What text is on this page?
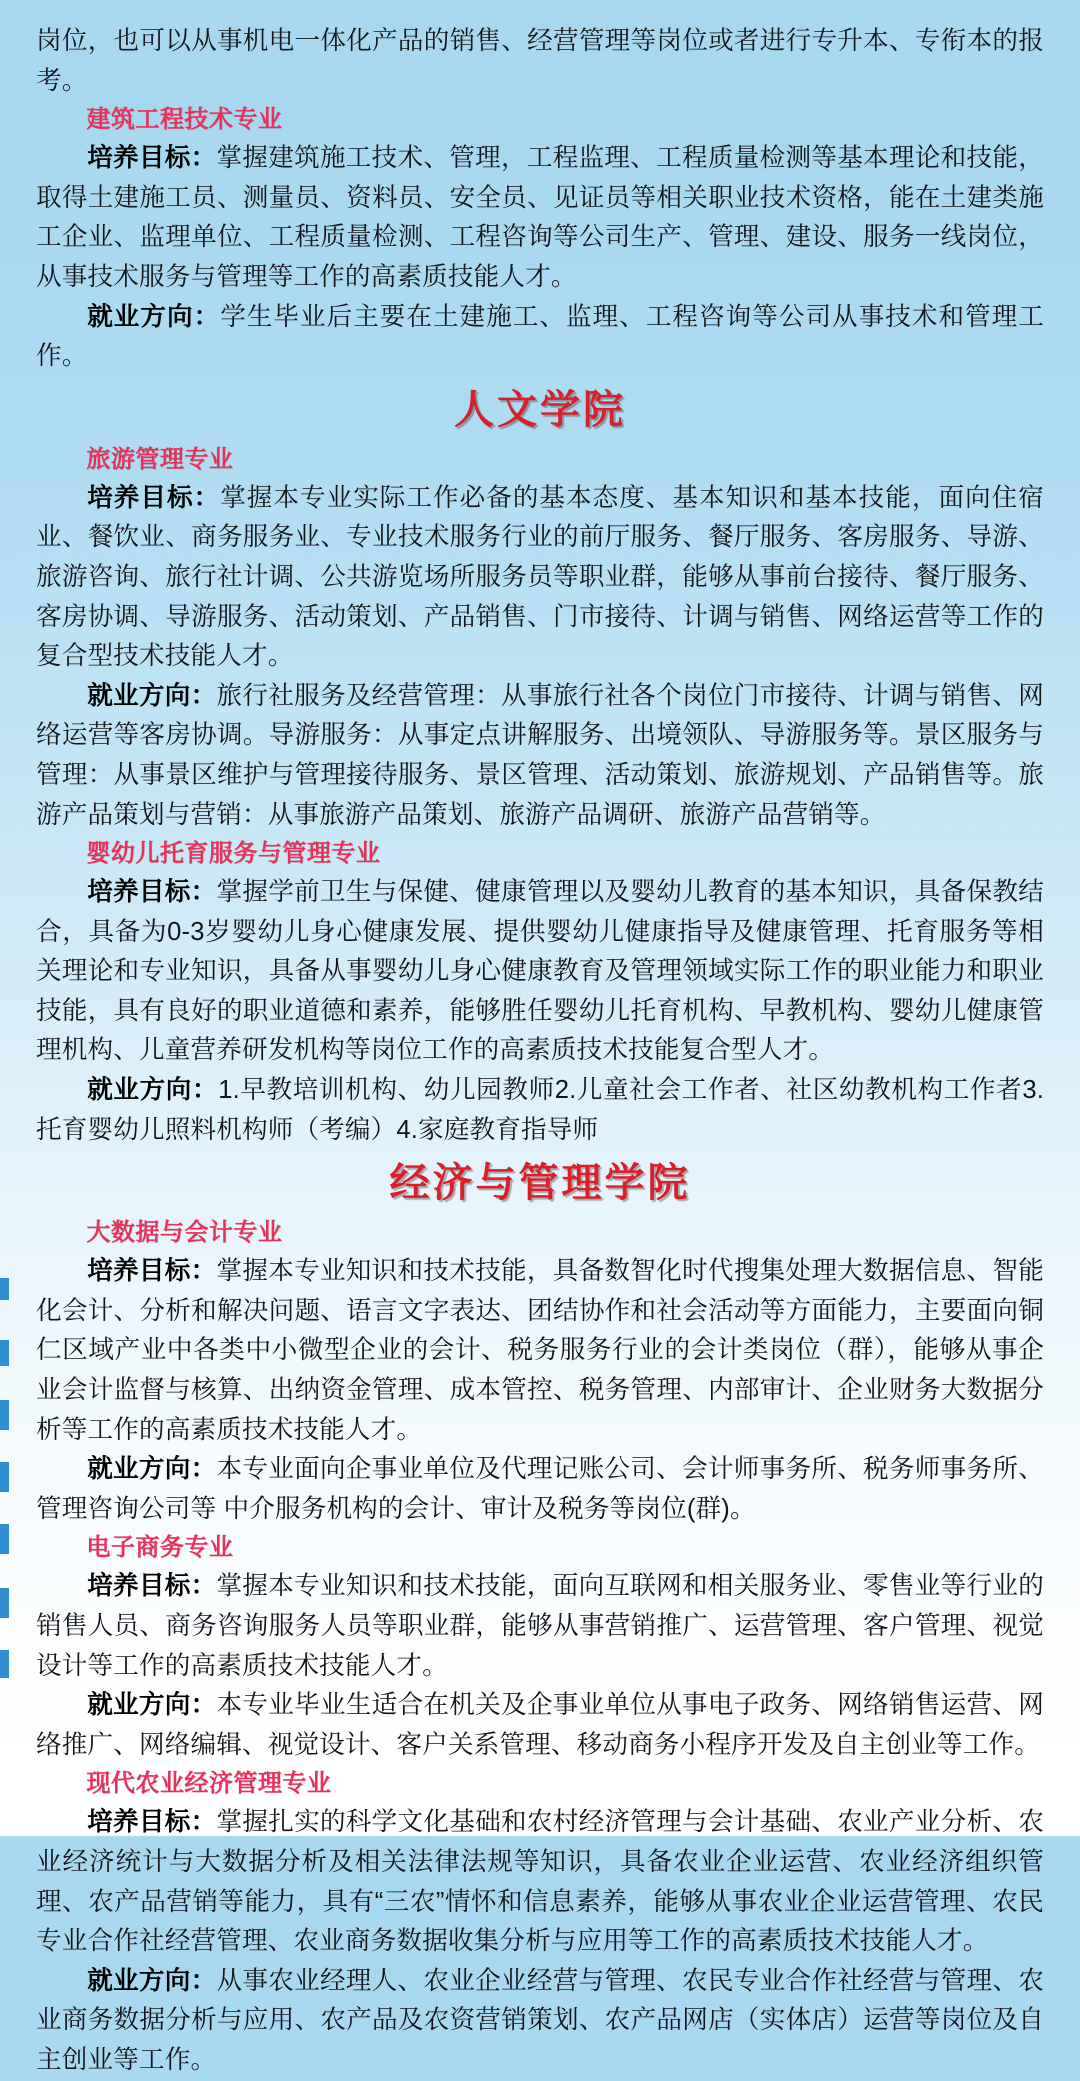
岗位，也可以从事机电一体化产品的销售、经营管理等岗位或者进行专升本、专衔本的报考。

建筑工程技术专业

培养目标：掌握建筑施工技术、管理，工程监理、工程质量检测等基本理论和技能，取得土建施工员、测量员、资料员、安全员、见证员等相关职业技术资格，能在土建类施工企业、监理单位、工程质量检测、工程咨询等公司生产、管理、建设、服务一线岗位，从事技术服务与管理等工作的高素质技能人才。

就业方向：学生毕业后主要在土建施工、监理、工程咨询等公司从事技术和管理工作。

人文学院
旅游管理专业

培养目标：掌握本专业实际工作必备的基本态度、基本知识和基本技能，面向住宿业、餐饮业、商务服务业、专业技术服务行业的前厅服务、餐厅服务、客房服务、导游、旅游咨询、旅行社计调、公共游览场所服务员等职业群，能够从事前台接待、餐厅服务、客房协调、导游服务、活动策划、产品销售、门市接待、计调与销售、网络运营等工作的复合型技术技能人才。

就业方向：旅行社服务及经营管理：从事旅行社各个岗位门市接待、计调与销售、网络运营等客房协调。导游服务：从事定点讲解服务、出境领队、导游服务等。景区服务与管理：从事景区维护与管理接待服务、景区管理、活动策划、旅游规划、产品销售等。旅游产品策划与营销：从事旅游产品策划、旅游产品调研、旅游产品营销等。

婴幼儿托育服务与管理专业

培养目标：掌握学前卫生与保健、健康管理以及婴幼儿教育的基本知识，具备保教结合，具备为0-3岁婴幼儿身心健康发展、提供婴幼儿健康指导及健康管理、托育服务等相关理论和专业知识，具备从事婴幼儿身心健康教育及管理领域实际工作的职业能力和职业技能，具有良好的职业道德和素养，能够胜任婴幼儿托育机构、早教机构、婴幼儿健康管理机构、儿童营养研发机构等岗位工作的高素质技术技能复合型人才。

就业方向：1.早教培训机构、幼儿园教师2.儿童社会工作者、社区幼教机构工作者3.托育婴幼儿照料机构师（考编）4.家庭教育指导师

经济与管理学院
大数据与会计专业

培养目标：掌握本专业知识和技术技能，具备数智化时代搜集处理大数据信息、智能化会计、分析和解决问题、语言文字表达、团结协作和社会活动等方面能力，主要面向铜仁区域产业中各类中小微型企业的会计、税务服务行业的会计类岗位（群），能够从事企业会计监督与核算、出纳资金管理、成本管控、税务管理、内部审计、企业财务大数据分析等工作的高素质技术技能人才。

就业方向：本专业面向企事业单位及代理记账公司、会计师事务所、税务师事务所、管理咨询公司等 中介服务机构的会计、审计及税务等岗位(群)。

电子商务专业

培养目标：掌握本专业知识和技术技能，面向互联网和相关服务业、零售业等行业的销售人员、商务咨询服务人员等职业群，能够从事营销推广、运营管理、客户管理、视觉设计等工作的高素质技术技能人才。

就业方向：本专业毕业生适合在机关及企事业单位从事电子政务、网络销售运营、网络推广、网络编辑、视觉设计、客户关系管理、移动商务小程序开发及自主创业等工作。

现代农业经济管理专业

培养目标：掌握扎实的科学文化基础和农村经济管理与会计基础、农业产业分析、农业经济统计与大数据分析及相关法律法规等知识，具备农业企业运营、农业经济组织管理、农产品营销等能力，具有“三农”情怀和信息素养，能够从事农业企业运营管理、农民专业合作社经营管理、农业商务数据收集分析与应用等工作的高素质技术技能人才。

就业方向：从事农业经理人、农业企业经营与管理、农民专业合作社经营与管理、农业商务数据分析与应用、农产品及农资营销策划、农产品网店（实体店）运营等岗位及自主创业等工作。
